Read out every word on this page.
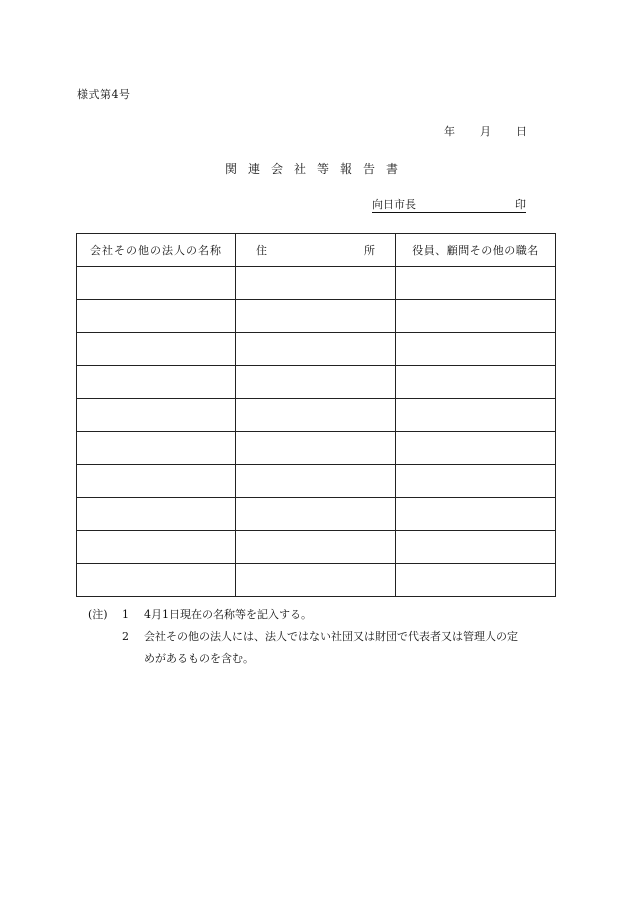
様式第4号
年	月	日
関連会社等報告書
向日市長	印
会社その他の法人の名称	住 所	役員、顧問その他の職名

(注)	1	4月1日現在の名称等を記入する。
2	会社その他の法人には、法人ではない社団又は財団で代表者又は管理人の定
めがあるものを含む。
